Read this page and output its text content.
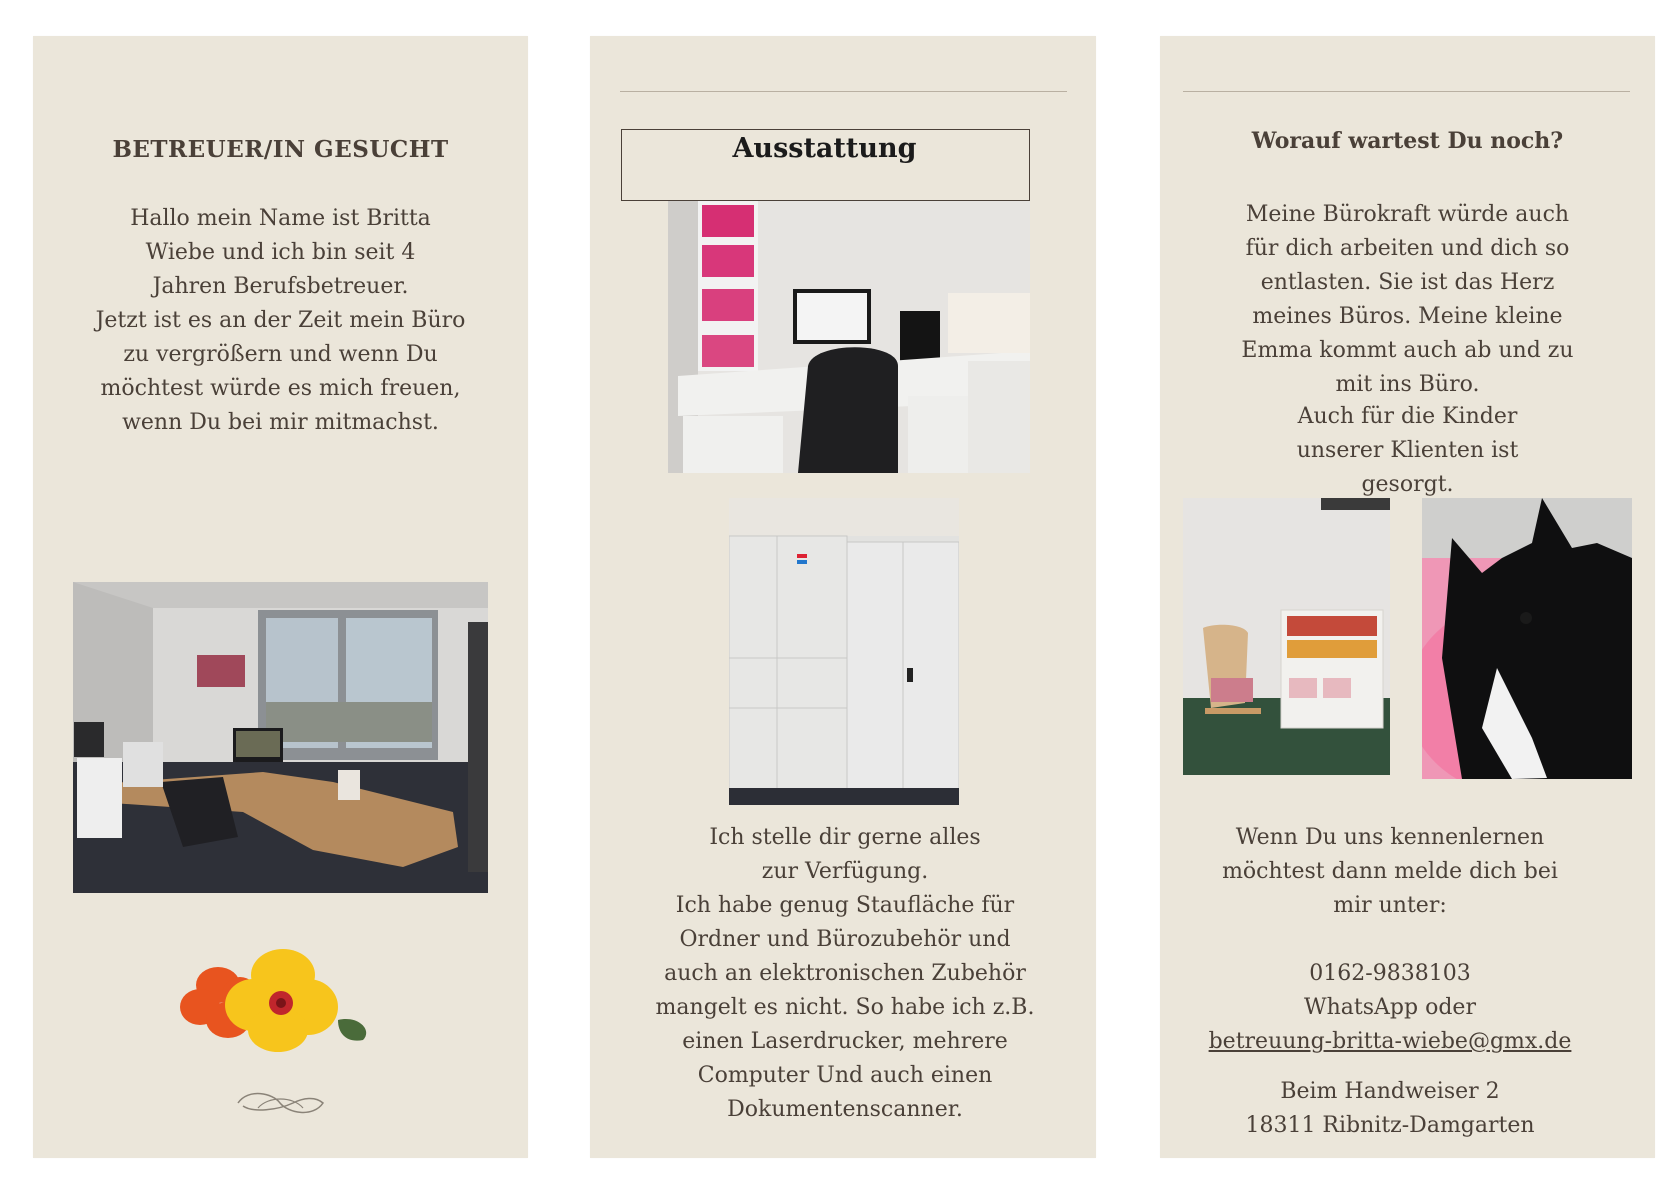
BETREUER/IN GESUCHT
Hallo mein Name ist Britta Wiebe und ich bin seit 4 Jahren Berufsbetreuer.
Jetzt ist es an der Zeit mein Büro zu vergrößern und wenn Du möchtest würde es mich freuen, wenn Du bei mir mitmachst.
Ausstattung
Ich stelle dir gerne alles zur Verfügung.
Ich habe genug Staufläche für Ordner und Bürozubehör und auch an elektronischen Zubehör mangelt es nicht. So habe ich z.B. einen Laserdrucker, mehrere Computer Und auch einen Dokumentenscanner.
Worauf wartest Du noch?
Meine Bürokraft würde auch für dich arbeiten und dich so entlasten. Sie ist das Herz meines Büros. Meine kleine Emma kommt auch ab und zu mit ins Büro.
Auch für die Kinder unserer Klienten ist gesorgt.
Wenn Du uns kennenlernen möchtest dann melde dich bei mir unter:
0162-9838103
WhatsApp oder
betreuung-britta-wiebe@gmx.de
Beim Handweiser 2
18311 Ribnitz-Damgarten
